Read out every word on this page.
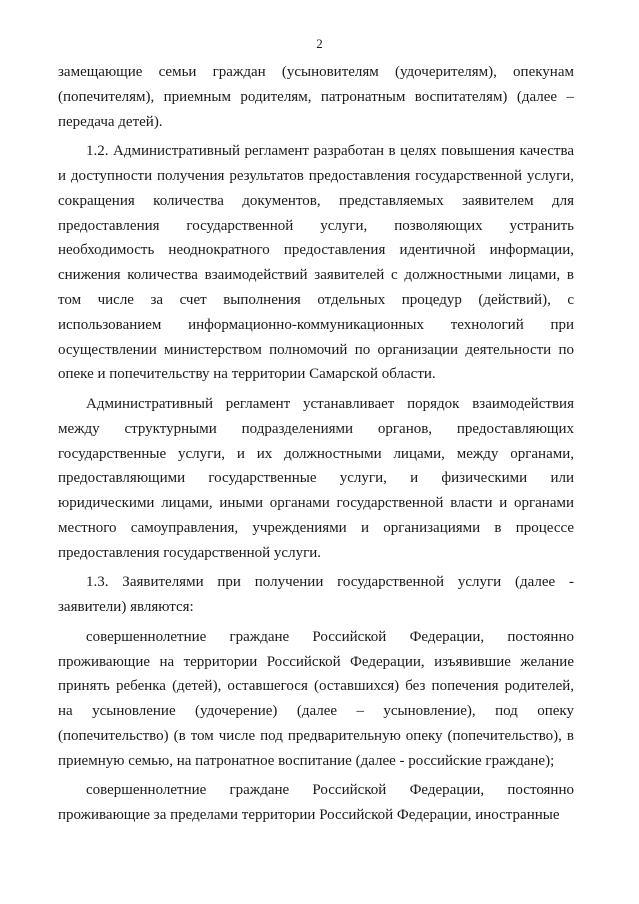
2

замещающие семьи граждан (усыновителям (удочерителям), опекунам (попечителям), приемным родителям, патронатным воспитателям) (далее – передача детей).

1.2. Административный регламент разработан в целях повышения качества и доступности получения результатов предоставления государственной услуги, сокращения количества документов, представляемых заявителем для предоставления государственной услуги, позволяющих устранить необходимость неоднократного предоставления идентичной информации, снижения количества взаимодействий заявителей с должностными лицами, в том числе за счет выполнения отдельных процедур (действий), с использованием информационно-коммуникационных технологий при осуществлении министерством полномочий по организации деятельности по опеке и попечительству на территории Самарской области.

Административный регламент устанавливает порядок взаимодействия между структурными подразделениями органов, предоставляющих государственные услуги, и их должностными лицами, между органами, предоставляющими государственные услуги, и физическими или юридическими лицами, иными органами государственной власти и органами местного самоуправления, учреждениями и организациями в процессе предоставления государственной услуги.

1.3. Заявителями при получении государственной услуги (далее - заявители) являются:

совершеннолетние граждане Российской Федерации, постоянно проживающие на территории Российской Федерации, изъявившие желание принять ребенка (детей), оставшегося (оставшихся) без попечения родителей, на усыновление (удочерение) (далее – усыновление), под опеку (попечительство) (в том числе под предварительную опеку (попечительство), в приемную семью, на патронатное воспитание (далее - российские граждане);

совершеннолетние граждане Российской Федерации, постоянно проживающие за пределами территории Российской Федерации, иностранные
